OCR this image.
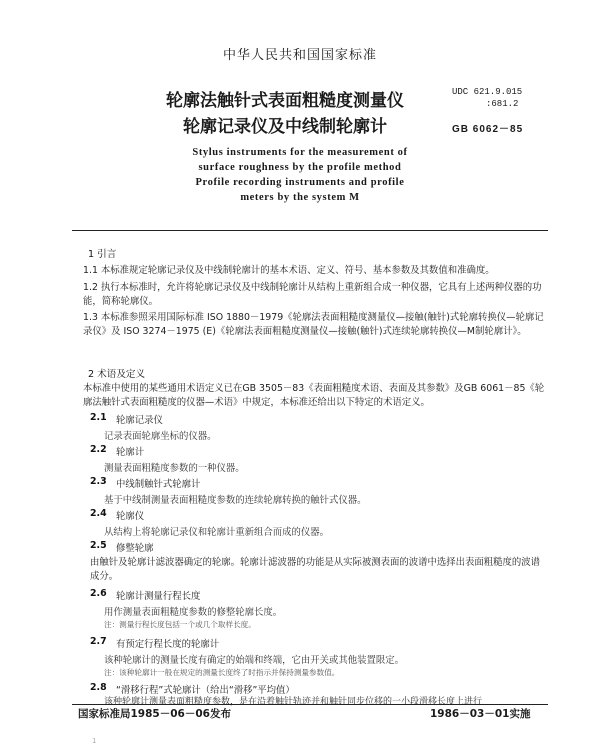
中华人民共和国国家标准
轮廓法触针式表面粗糙度测量仪
轮廓记录仪及中线制轮廓计
UDC 621.9.015
:681.2
GB 6062－85
Stylus instruments for the measurement of
surface roughness by the profile method
Profile recording instruments and profile
meters by the system M
1 引言
1.1 本标准规定轮廓记录仪及中线制轮廓计的基本术语、定义、符号、基本参数及其数值和准确度。
1.2 执行本标准时，允许将轮廓记录仪及中线制轮廓计从结构上重新组合成一种仪器，它具有上述两种仪器的功能，简称轮廓仪。
1.3 本标准参照采用国际标准 ISO 1880－1979《轮廓法表面粗糙度测量仪—接触(触针)式轮廓转换仪—轮廓记录仪》及 ISO 3274－1975 (E)《轮廓法表面粗糙度测量仪—接触(触针)式连续轮廓转换仪—M制轮廓计》。
2 术语及定义
本标准中使用的某些通用术语定义已在GB 3505－83《表面粗糙度术语、表面及其参数》及GB 6061－85《轮廓法触针式表面粗糙度的仪器—术语》中规定，本标准还给出以下特定的术语定义。
2.1 轮廓记录仪
记录表面轮廓坐标的仪器。
2.2 轮廓计
测量表面粗糙度参数的一种仪器。
2.3 中线制触针式轮廓计
基于中线制测量表面粗糙度参数的连续轮廓转换的触针式仪器。
2.4 轮廓仪
从结构上将轮廓记录仪和轮廓计重新组合而成的仪器。
2.5 修整轮廓
由触针及轮廓计滤波器确定的轮廓。轮廓计滤波器的功能是从实际被测表面的波谱中选择出表面粗糙度的波谱成分。
2.6 轮廓计测量行程长度
用作测量表面粗糙度参数的修整轮廓长度。
注：测量行程长度包括一个或几个取样长度。
2.7 有预定行程长度的轮廓计
该种轮廓计的测量长度有确定的始端和终端，它由开关或其他装置限定。
注：该种轮廓计一般在规定的测量长度终了时指示并保持测量参数值。
2.8 “滑移行程”式轮廓计（给出“滑移”平均值）
该种轮廓计测量表面粗糙度参数，是在沿着触针轨迹并和触针同步位移的一小段滑移长度上进行
国家标准局1985－06－06发布	1986－03－01实施
1
